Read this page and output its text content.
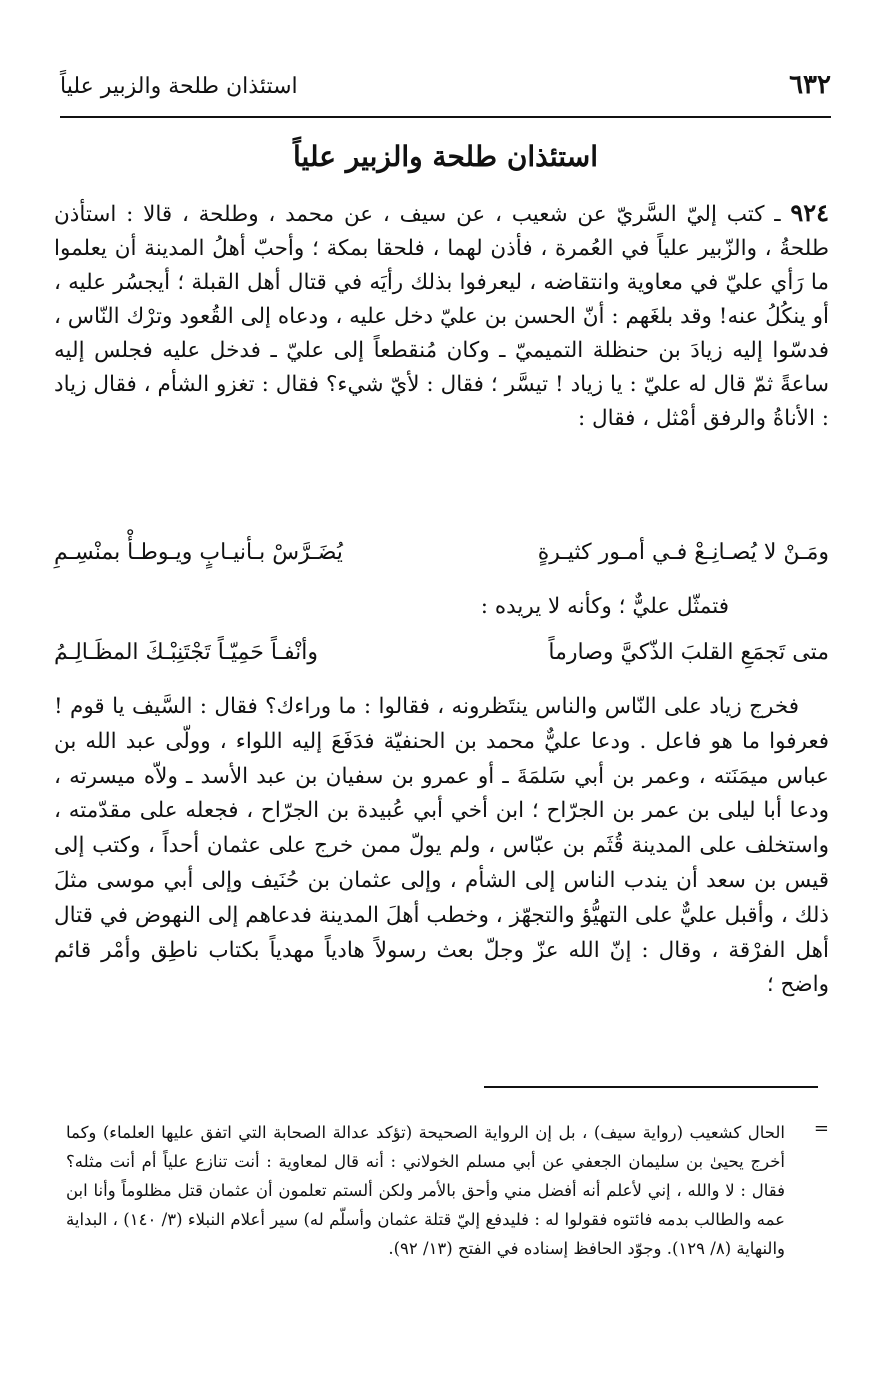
٦٣٢
استئذان طلحة والزبير علياً
استئذان طلحة والزبير علياً

٩٢٤ ـ كتب إليّ السَّريّ عن شعيب ، عن سيف ، عن محمد ، وطلحة ، قالا : استأذن طلحةُ ، والزّبير علياً في العُمرة ، فأذن لهما ، فلحقا بمكة ؛ وأحبّ أهلُ المدينة أن يعلموا ما رَأي عليّ في معاوية وانتقاضه ، ليعرفوا بذلك رأيَه في قتال أهل القبلة ؛ أيجسُر عليه ، أو ينكُلُ عنه! وقد بلغَهم : أنّ الحسن بن عليّ دخل عليه ، ودعاه إلى القُعود وترْك النّاس ، فدسّوا إليه زيادَ بن حنظلة التميميّ ـ وكان مُنقطعاً إلى عليّ ـ فدخل عليه فجلس إليه ساعةً ثمّ قال له عليّ : يا زياد ! تيسَّر ؛ فقال : لأيّ شيء؟ فقال : تغزو الشأم ، فقال زياد : الأناةُ والرفق أمْثل ، فقال :

ومَـنْ لا يُصـانِـعْ فـي أمـور كثيـرةٍ
يُضَـرَّسْ بـأنيـابٍ ويـوطـأْ بمنْسِـمِ
فتمثّل عليٌّ ؛ وكأنه لا يريده :
متى تَجمَعِ القلبَ الذّكيَّ وصارماً
وأنْفـاً حَمِيّـاً تَجْتَنِبْـكَ المظَـالِـمُ

فخرج زياد على النّاس والناس ينتَظرونه ، فقالوا : ما وراءك؟ فقال : السَّيف يا قوم ! فعرفوا ما هو فاعل . ودعا عليٌّ محمد بن الحنفيّة فدَفَعَ إليه اللواء ، وولّى عبد الله بن عباس ميمَنَته ، وعمر بن أبي سَلمَةَ ـ أو عمرو بن سفيان بن عبد الأسد ـ ولاّه ميسرته ، ودعا أبا ليلى بن عمر بن الجرّاح ؛ ابن أخي أبي عُبيدة بن الجرّاح ، فجعله على مقدّمته ، واستخلف على المدينة قُثَم بن عبّاس ، ولم يولّ ممن خرج على عثمان أحداً ، وكتب إلى قيس بن سعد أن يندب الناس إلى الشأم ، وإلى عثمان بن حُنَيف وإلى أبي موسى مثلَ ذلك ، وأقبل عليٌّ على التهيُّؤ والتجهّز ، وخطب أهلَ المدينة فدعاهم إلى النهوض في قتال أهل الفرْقة ، وقال : إنّ الله عزّ وجلّ بعث رسولاً هادياً مهدياً بكتاب ناطِق وأمْر قائم واضح ؛

=

الحال كشعيب (رواية سيف) ، بل إن الرواية الصحيحة (تؤكد عدالة الصحابة التي اتفق عليها العلماء) وكما أخرج يحيىٰ بن سليمان الجعفي عن أبي مسلم الخولاني : أنه قال لمعاوية : أنت تنازع علياً أم أنت مثله؟ فقال : لا والله ، إني لأعلم أنه أفضل مني وأحق بالأمر ولكن ألستم تعلمون أن عثمان قتل مظلوماً وأنا ابن عمه والطالب بدمه فائتوه فقولوا له : فليدفع إليّ قتلة عثمان وأسلّم له) سير أعلام النبلاء (٣/ ١٤٠) ، البداية والنهاية (٨/ ١٢٩). وجوّد الحافظ إسناده في الفتح (١٣/ ٩٢).
